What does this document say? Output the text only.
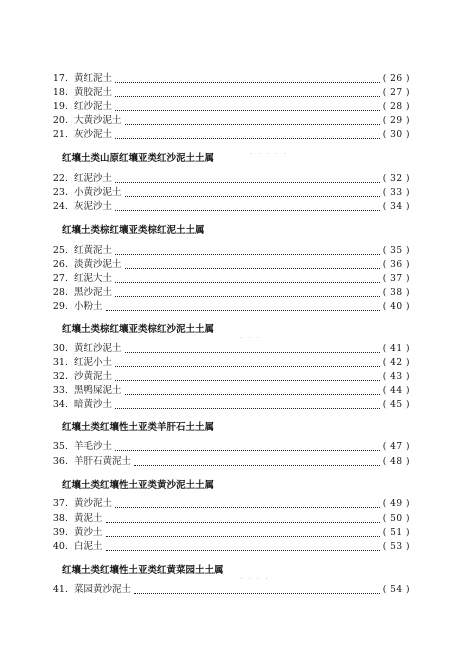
17. 黄红泥土	( 26 )
18. 黄胶泥土	( 27 )
19. 红沙泥土	( 28 )
20. 大黄沙泥土	( 29 )
21. 灰沙泥土	( 30 )
· · · · ·
红壤土类山原红壤亚类红沙泥土土属
22. 红泥沙土	( 32 )
23. 小黄沙泥土	( 33 )
24. 灰泥沙土	( 34 )
红壤土类棕红壤亚类棕红泥土土属
25. 红黄泥土	( 35 )
26. 淡黄沙泥土	( 36 )
27. 红泥大土	( 37 )
28. 黑沙泥土	( 38 )
29. 小粉土	( 40 )
红壤土类棕红壤亚类棕红沙泥土土属
· · ·
30. 黄红沙泥土	( 41 )
31. 红泥小土	( 42 )
32. 沙黄泥土	( 43 )
33. 黑鸭屎泥土	( 44 )
34. 暗黄沙土	( 45 )
红壤土类红壤性土亚类羊肝石土土属
35. 羊毛沙土	( 47 )
36. 羊肝石黄泥土	( 48 )
红壤土类红壤性土亚类黄沙泥土土属
37. 黄沙泥土	( 49 )
38. 黄泥土	( 50 )
39. 黄沙土	( 51 )
40. 白泥土	( 53 )
红壤土类红壤性土亚类红黄菜园土土属
· · · ·
41. 菜园黄沙泥土	( 54 )
